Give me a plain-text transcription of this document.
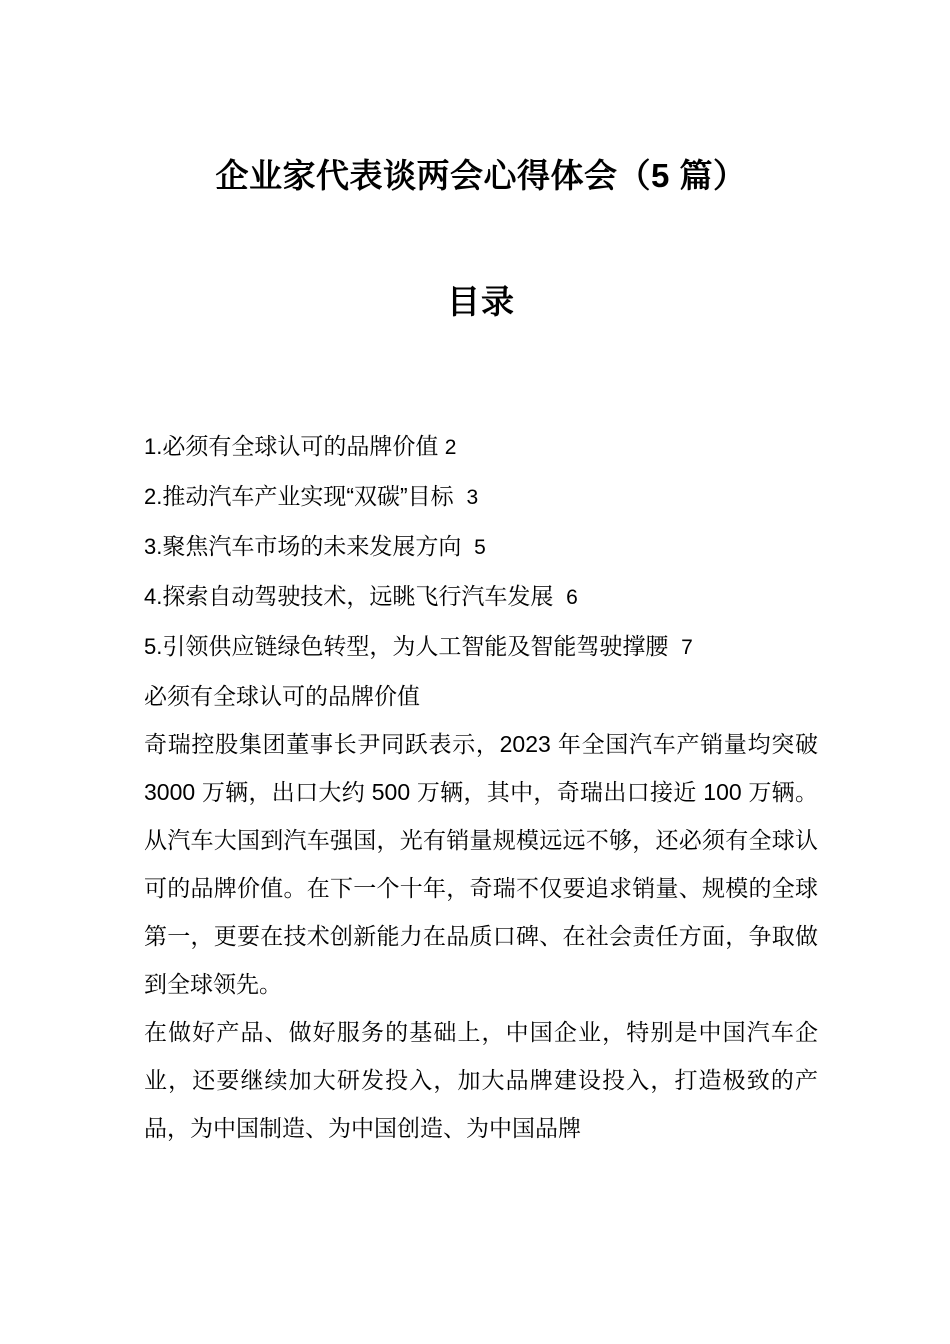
企业家代表谈两会心得体会（5 篇）
目录
1.必须有全球认可的品牌价值 2
2.推动汽车产业实现“双碳”目标 3
3.聚焦汽车市场的未来发展方向 5
4.探索自动驾驶技术，远眺飞行汽车发展 6
5.引领供应链绿色转型，为人工智能及智能驾驶撑腰 7
必须有全球认可的品牌价值

奇瑞控股集团董事长尹同跃表示，2023 年全国汽车产销量均突破 3000 万辆，出口大约 500 万辆，其中，奇瑞出口接近 100 万辆。从汽车大国到汽车强国，光有销量规模远远不够，还必须有全球认可的品牌价值。在下一个十年，奇瑞不仅要追求销量、规模的全球第一，更要在技术创新能力在品质口碑、在社会责任方面，争取做到全球领先。

在做好产品、做好服务的基础上，中国企业，特别是中国汽车企业，还要继续加大研发投入，加大品牌建设投入，打造极致的产品，为中国制造、为中国创造、为中国品牌
